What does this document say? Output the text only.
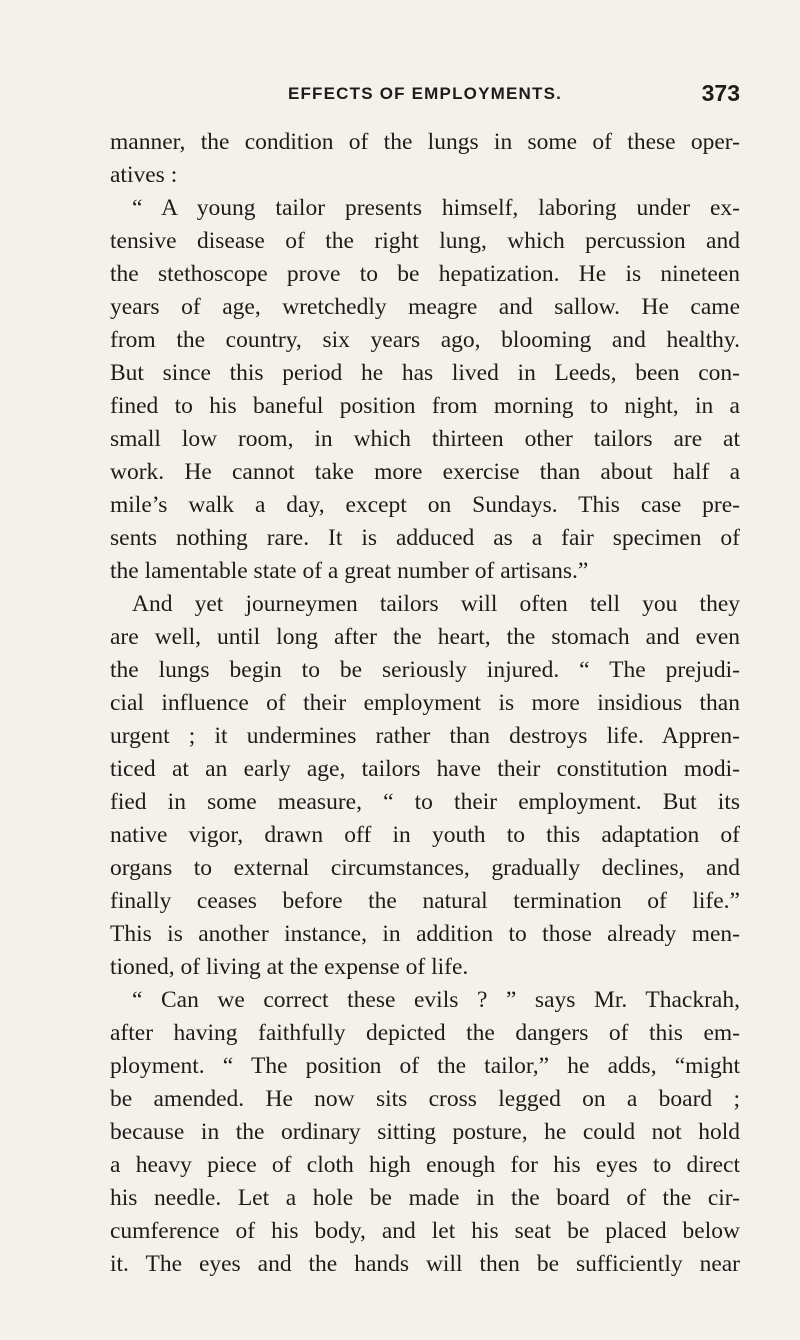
EFFECTS OF EMPLOYMENTS.	373
manner, the condition of the lungs in some of these oper-
atives :
“ A young tailor presents himself, laboring under ex-
tensive disease of the right lung, which percussion and
the stethoscope prove to be hepatization. He is nineteen
years of age, wretchedly meagre and sallow. He came
from the country, six years ago, blooming and healthy.
But since this period he has lived in Leeds, been con-
fined to his baneful position from morning to night, in a
small low room, in which thirteen other tailors are at
work. He cannot take more exercise than about half a
mile’s walk a day, except on Sundays. This case pre-
sents nothing rare. It is adduced as a fair specimen of
the lamentable state of a great number of artisans.”
And yet journeymen tailors will often tell you they
are well, until long after the heart, the stomach and even
the lungs begin to be seriously injured. “ The prejudi-
cial influence of their employment is more insidious than
urgent ; it undermines rather than destroys life. Appren-
ticed at an early age, tailors have their constitution modi-
fied in some measure, “ to their employment. But its
native vigor, drawn off in youth to this adaptation of
organs to external circumstances, gradually declines, and
finally ceases before the natural termination of life.”
This is another instance, in addition to those already men-
tioned, of living at the expense of life.
“ Can we correct these evils ? ” says Mr. Thackrah,
after having faithfully depicted the dangers of this em-
ployment. “ The position of the tailor,” he adds, “might
be amended. He now sits cross legged on a board ;
because in the ordinary sitting posture, he could not hold
a heavy piece of cloth high enough for his eyes to direct
his needle. Let a hole be made in the board of the cir-
cumference of his body, and let his seat be placed below
it. The eyes and the hands will then be sufficiently near
